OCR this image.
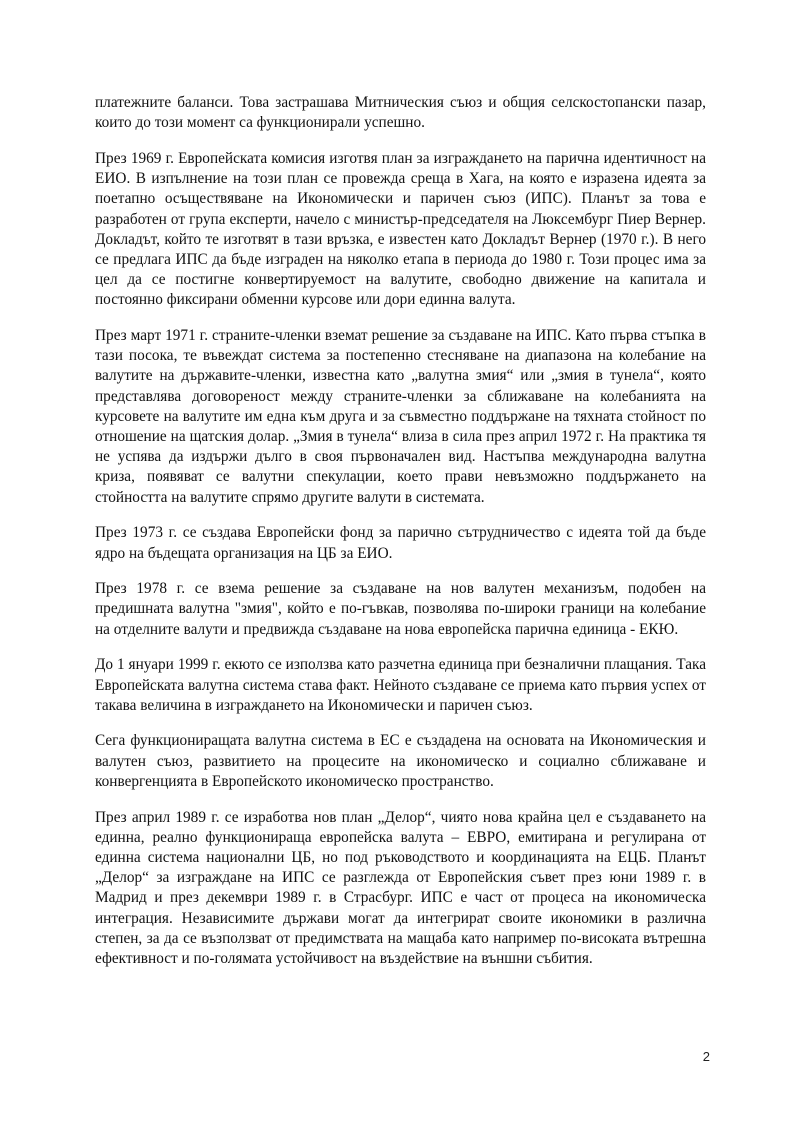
платежните баланси. Това застрашава Митническия съюз и общия селскостопански пазар, които до този момент са функционирали успешно.

През 1969 г. Европейската комисия изготвя план за изграждането на парична идентичност на ЕИО. В изпълнение на този план се провежда среща в Хага, на която е изразена идеята за поетапно осъществяване на Икономически и паричен съюз (ИПС). Планът за това е разработен от група експерти, начело с министър-председателя на Люксембург Пиер Вернер. Докладът, който те изготвят в тази връзка, е известен като Докладът Вернер (1970 г.). В него се предлага ИПС да бъде изграден на няколко етапа в периода до 1980 г. Този процес има за цел да се постигне конвертируемост на валутите, свободно движение на капитала и постоянно фиксирани обменни курсове или дори единна валута.

През март 1971 г. страните-членки вземат решение за създаване на ИПС. Като първа стъпка в тази посока, те въвеждат система за постепенно стесняване на диапазона на колебание на валутите на държавите-членки, известна като „валутна змия“ или „змия в тунела“, която представлява договореност между страните-членки за сближаване на колебанията на курсовете на валутите им една към друга и за съвместно поддържане на тяхната стойност по отношение на щатския долар. „Змия в тунела“ влиза в сила през април 1972 г. На практика тя не успява да издържи дълго в своя първоначален вид. Настъпва международна валутна криза, появяват се валутни спекулации, което прави невъзможно поддържането на стойността на валутите спрямо другите валути в системата.

През 1973 г. се създава Европейски фонд за парично сътрудничество с идеята той да бъде ядро на бъдещата организация на ЦБ за ЕИО.

През 1978 г. се взема решение за създаване на нов валутен механизъм, подобен на предишната валутна "змия", който е по-гъвкав, позволява по-широки граници на колебание на отделните валути и предвижда създаване на нова европейска парична единица - ЕКЮ.

До 1 януари 1999 г. екюто се използва като разчетна единица при безналични плащания. Така Европейската валутна система става факт. Нейното създаване се приема като първия успех от такава величина в изграждането на Икономически и паричен съюз.

Сега функциониращата валутна система в ЕС е създадена на основата на Икономическия и валутен съюз, развитието на процесите на икономическо и социално сближаване и конвергенцията в Европейското икономическо пространство.

През април 1989 г. се изработва нов план „Делор“, чиято нова крайна цел е създаването на единна, реално функционираща европейска валута – ЕВРО, емитирана и регулирана от единна система национални ЦБ, но под ръководството и координацията на ЕЦБ. Планът „Делор“ за изграждане на ИПС се разглежда от Европейския съвет през юни 1989 г. в Мадрид и през декември 1989 г. в Страсбург. ИПС е част от процеса на икономическа интеграция. Независимите държави могат да интегрират своите икономики в различна степен, за да се възползват от предимствата на мащаба като например по-високата вътрешна ефективност и по-голямата устойчивост на въздействие на външни събития.

2
